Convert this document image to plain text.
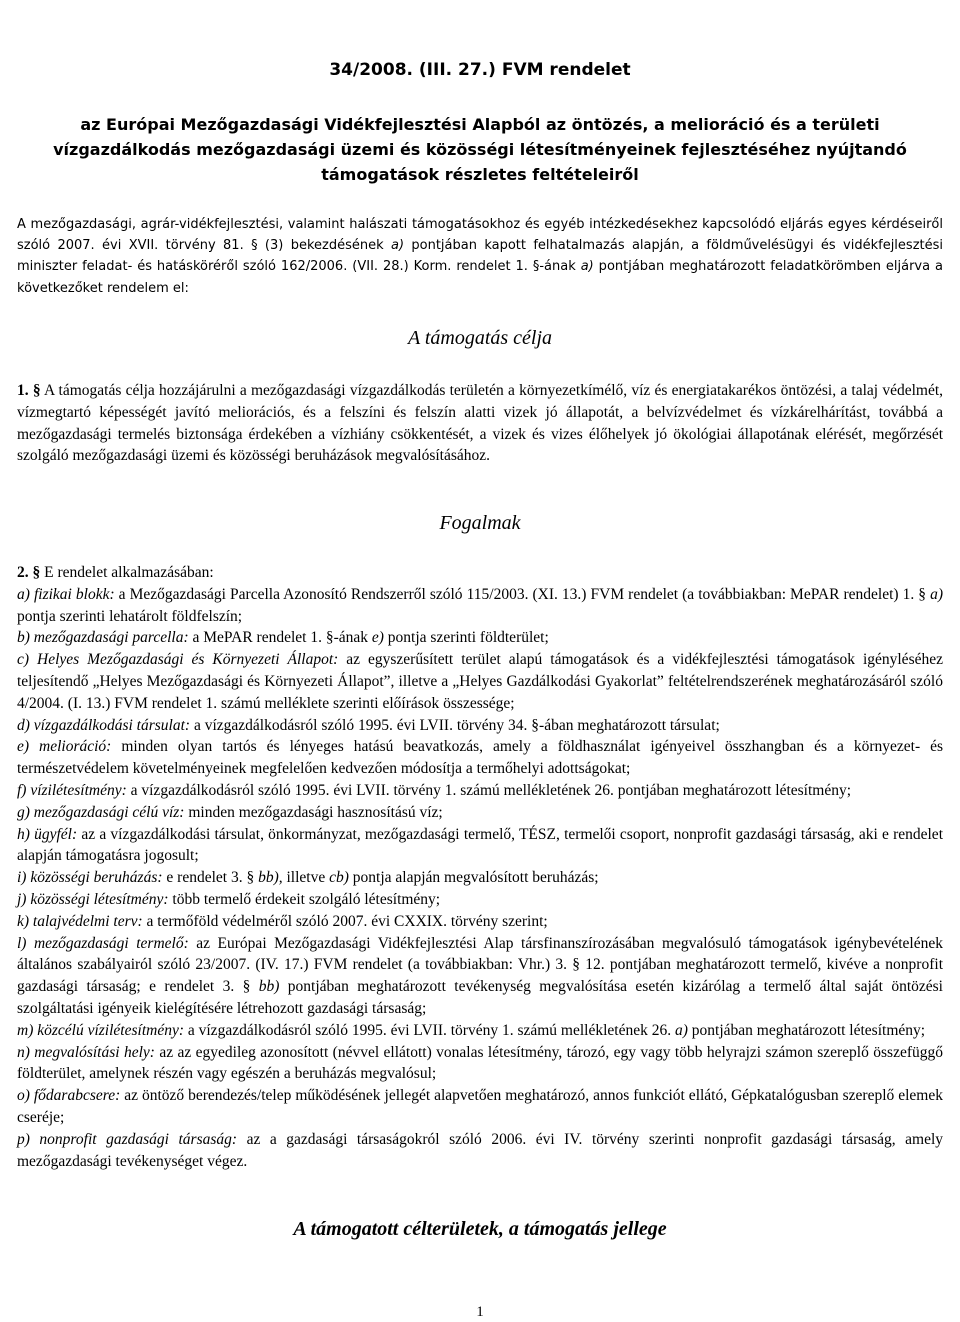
34/2008. (III. 27.) FVM rendelet

az Európai Mezőgazdasági Vidékfejlesztési Alapból az öntözés, a melioráció és a területi vízgazdálkodás mezőgazdasági üzemi és közösségi létesítményeinek fejlesztéséhez nyújtandó támogatások részletes feltételeiről

A mezőgazdasági, agrár-vidékfejlesztési, valamint halászati támogatásokhoz és egyéb intézkedésekhez kapcsolódó eljárás egyes kérdéseiről szóló 2007. évi XVII. törvény 81. § (3) bekezdésének a) pontjában kapott felhatalmazás alapján, a földművelésügyi és vidékfejlesztési miniszter feladat- és hatásköréről szóló 162/2006. (VII. 28.) Korm. rendelet 1. §-ának a) pontjában meghatározott feladatkörömben eljárva a következőket rendelem el:

A támogatás célja

1. § A támogatás célja hozzájárulni a mezőgazdasági vízgazdálkodás területén a környezetkímélő, víz és energiatakarékos öntözési, a talaj védelmét, vízmegtartó képességét javító meliorációs, és a felszíni és felszín alatti vizek jó állapotát, a belvízvédelmet és vízkárelhárítást, továbbá a mezőgazdasági termelés biztonsága érdekében a vízhiány csökkentését, a vizek és vizes élőhelyek jó ökológiai állapotának elérését, megőrzését szolgáló mezőgazdasági üzemi és közösségi beruházások megvalósításához.

Fogalmak

2. § E rendelet alkalmazásában:

a) fizikai blokk: a Mezőgazdasági Parcella Azonosító Rendszerről szóló 115/2003. (XI. 13.) FVM rendelet (a továbbiakban: MePAR rendelet) 1. § a) pontja szerinti lehatárolt földfelszín;

b) mezőgazdasági parcella: a MePAR rendelet 1. §-ának e) pontja szerinti földterület;

c) Helyes Mezőgazdasági és Környezeti Állapot: az egyszerűsített terület alapú támogatások és a vidékfejlesztési támogatások igényléséhez teljesítendő „Helyes Mezőgazdasági és Környezeti Állapot”, illetve a „Helyes Gazdálkodási Gyakorlat” feltételrendszerének meghatározásáról szóló 4/2004. (I. 13.) FVM rendelet 1. számú melléklete szerinti előírások összessége;

d) vízgazdálkodási társulat: a vízgazdálkodásról szóló 1995. évi LVII. törvény 34. §-ában meghatározott társulat;

e) melioráció: minden olyan tartós és lényeges hatású beavatkozás, amely a földhasználat igényeivel összhangban és a környezet- és természetvédelem követelményeinek megfelelően kedvezően módosítja a termőhelyi adottságokat;

f) vízilétesítmény: a vízgazdálkodásról szóló 1995. évi LVII. törvény 1. számú mellékletének 26. pontjában meghatározott létesítmény;

g) mezőgazdasági célú víz: minden mezőgazdasági hasznosítású víz;

h) ügyfél: az a vízgazdálkodási társulat, önkormányzat, mezőgazdasági termelő, TÉSZ, termelői csoport, nonprofit gazdasági társaság, aki e rendelet alapján támogatásra jogosult;

i) közösségi beruházás: e rendelet 3. § bb), illetve cb) pontja alapján megvalósított beruházás;

j) közösségi létesítmény: több termelő érdekeit szolgáló létesítmény;

k) talajvédelmi terv: a termőföld védelméről szóló 2007. évi CXXIX. törvény szerint;

l) mezőgazdasági termelő: az Európai Mezőgazdasági Vidékfejlesztési Alap társfinanszírozásában megvalósuló támogatások igénybevételének általános szabályairól szóló 23/2007. (IV. 17.) FVM rendelet (a továbbiakban: Vhr.) 3. § 12. pontjában meghatározott termelő, kivéve a nonprofit gazdasági társaság; e rendelet 3. § bb) pontjában meghatározott tevékenység megvalósítása esetén kizárólag a termelő által saját öntözési szolgáltatási igényeik kielégítésére létrehozott gazdasági társaság;

m) közcélú vízilétesítmény: a vízgazdálkodásról szóló 1995. évi LVII. törvény 1. számú mellékletének 26. a) pontjában meghatározott létesítmény;

n) megvalósítási hely: az az egyedileg azonosított (névvel ellátott) vonalas létesítmény, tározó, egy vagy több helyrajzi számon szereplő összefüggő földterület, amelynek részén vagy egészén a beruházás megvalósul;

o) fődarabcsere: az öntöző berendezés/telep működésének jellegét alapvetően meghatározó, annos funkciót ellátó, Gépkatalógusban szereplő elemek cseréje;

p) nonprofit gazdasági társaság: az a gazdasági társaságokról szóló 2006. évi IV. törvény szerinti nonprofit gazdasági társaság, amely mezőgazdasági tevékenységet végez.

A támogatott célterületek, a támogatás jellege

1
